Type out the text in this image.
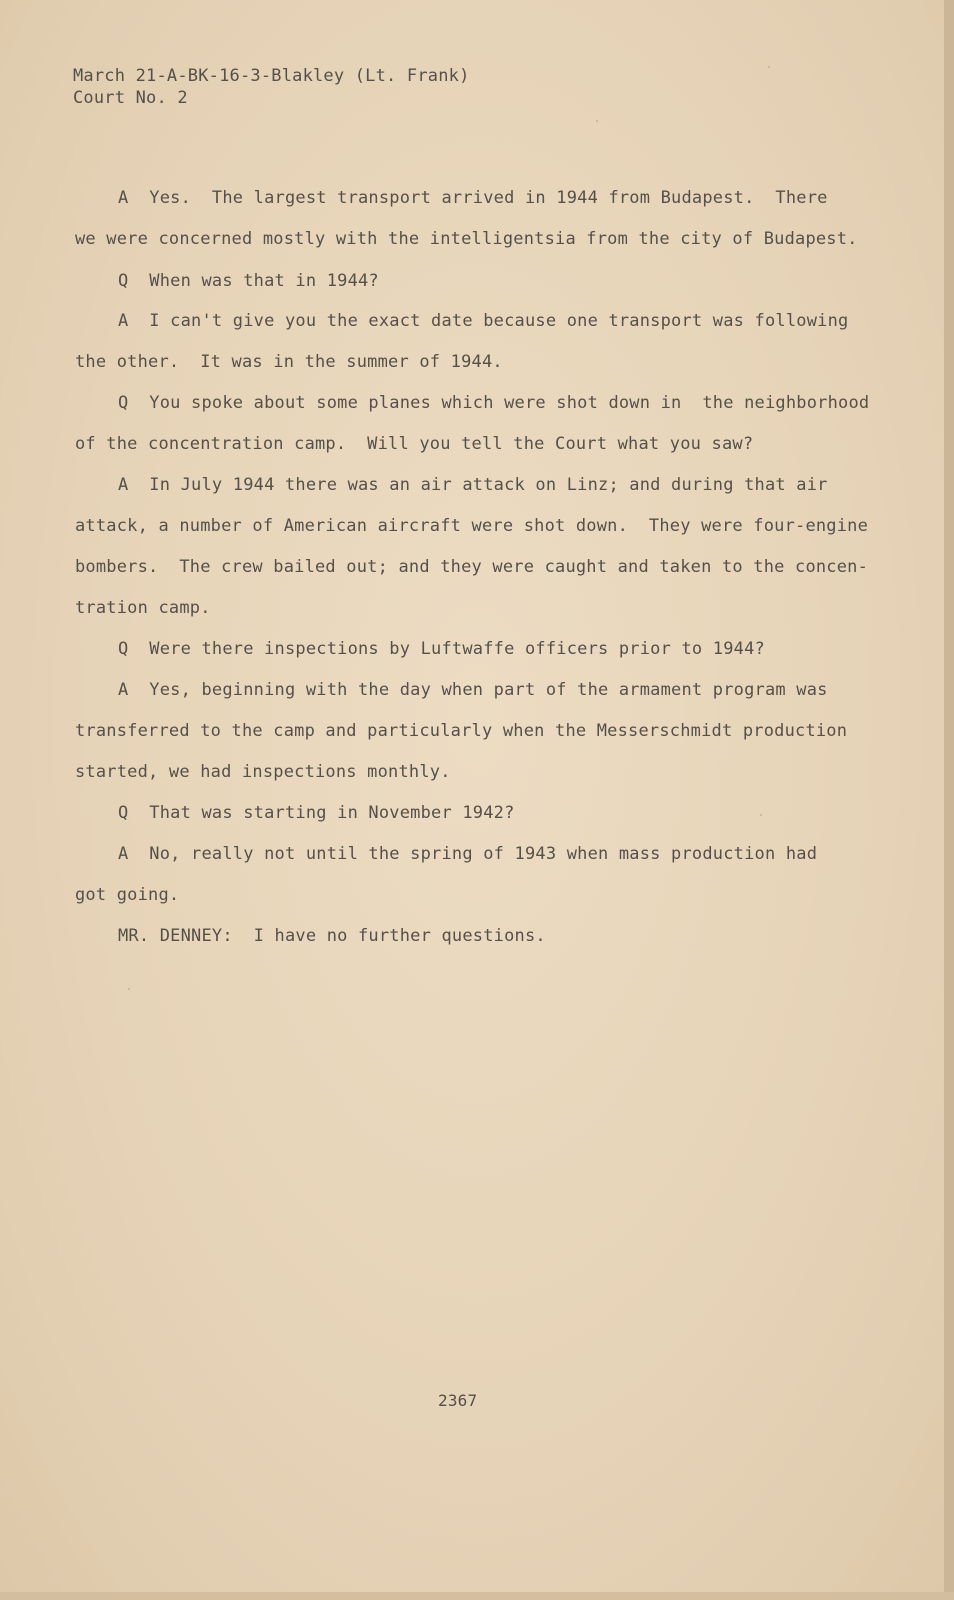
March 21-A-BK-16-3-Blakley (Lt. Frank)
Court No. 2
A  Yes.  The largest transport arrived in 1944 from Budapest.  There
we were concerned mostly with the intelligentsia from the city of Budapest.
Q  When was that in 1944?
A  I can't give you the exact date because one transport was following
the other.  It was in the summer of 1944.
Q  You spoke about some planes which were shot down in  the neighborhood
of the concentration camp.  Will you tell the Court what you saw?
A  In July 1944 there was an air attack on Linz; and during that air
attack, a number of American aircraft were shot down.  They were four-engine
bombers.  The crew bailed out; and they were caught and taken to the concen-
tration camp.
Q  Were there inspections by Luftwaffe officers prior to 1944?
A  Yes, beginning with the day when part of the armament program was
transferred to the camp and particularly when the Messerschmidt production
started, we had inspections monthly.
Q  That was starting in November 1942?
A  No, really not until the spring of 1943 when mass production had
got going.
MR. DENNEY:  I have no further questions.
2367
